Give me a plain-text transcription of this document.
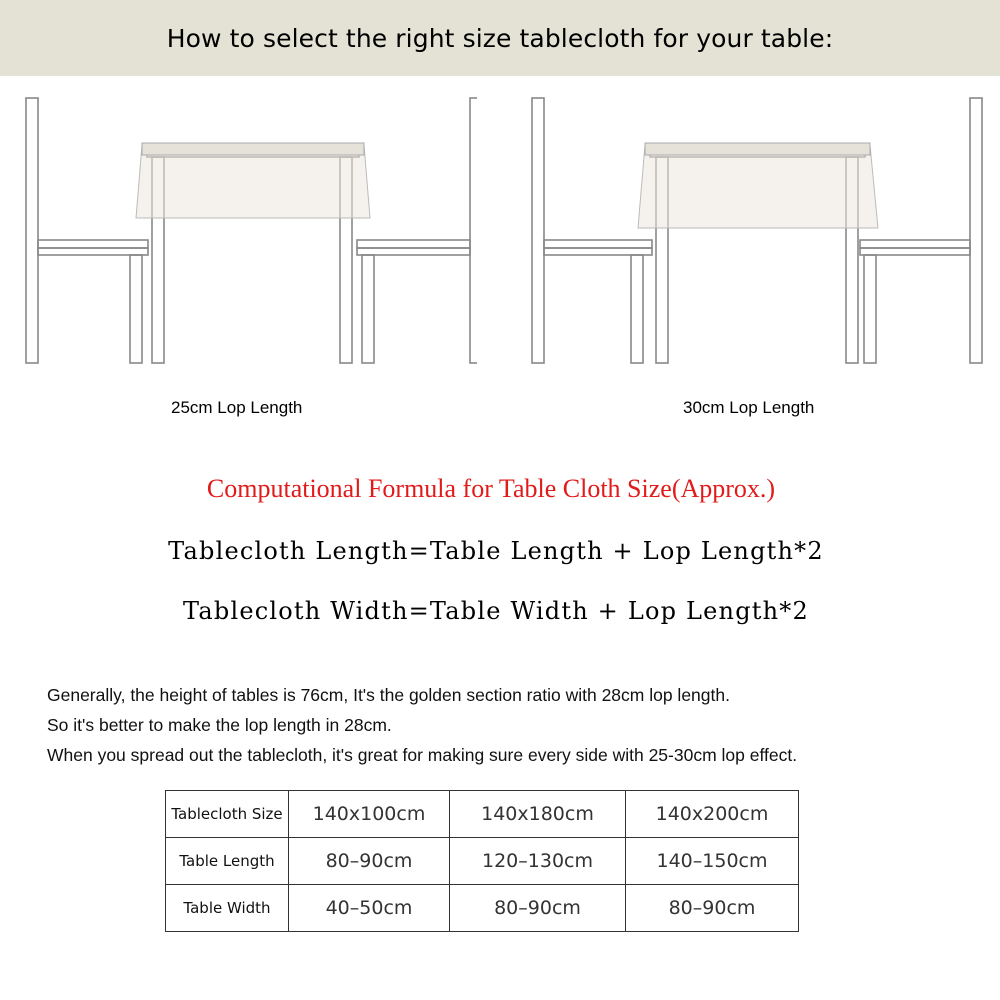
How to select the right size tablecloth for your table:
25cm Lop Length	30cm Lop Length
Computational Formula for Table Cloth Size(Approx.)
Tablecloth Length=Table Length + Lop Length*2
Tablecloth Width=Table Width + Lop Length*2

Generally, the height of tables is 76cm, It's the golden section ratio with 28cm lop length.

So it's better to make the lop length in 28cm.

When you spread out the tablecloth, it's great for making sure every side with 25-30cm lop effect.

Tablecloth Size	140x100cm	140x180cm	140x200cm
Table Length	80–90cm	120–130cm	140–150cm
Table Width	40–50cm	80–90cm	80–90cm
